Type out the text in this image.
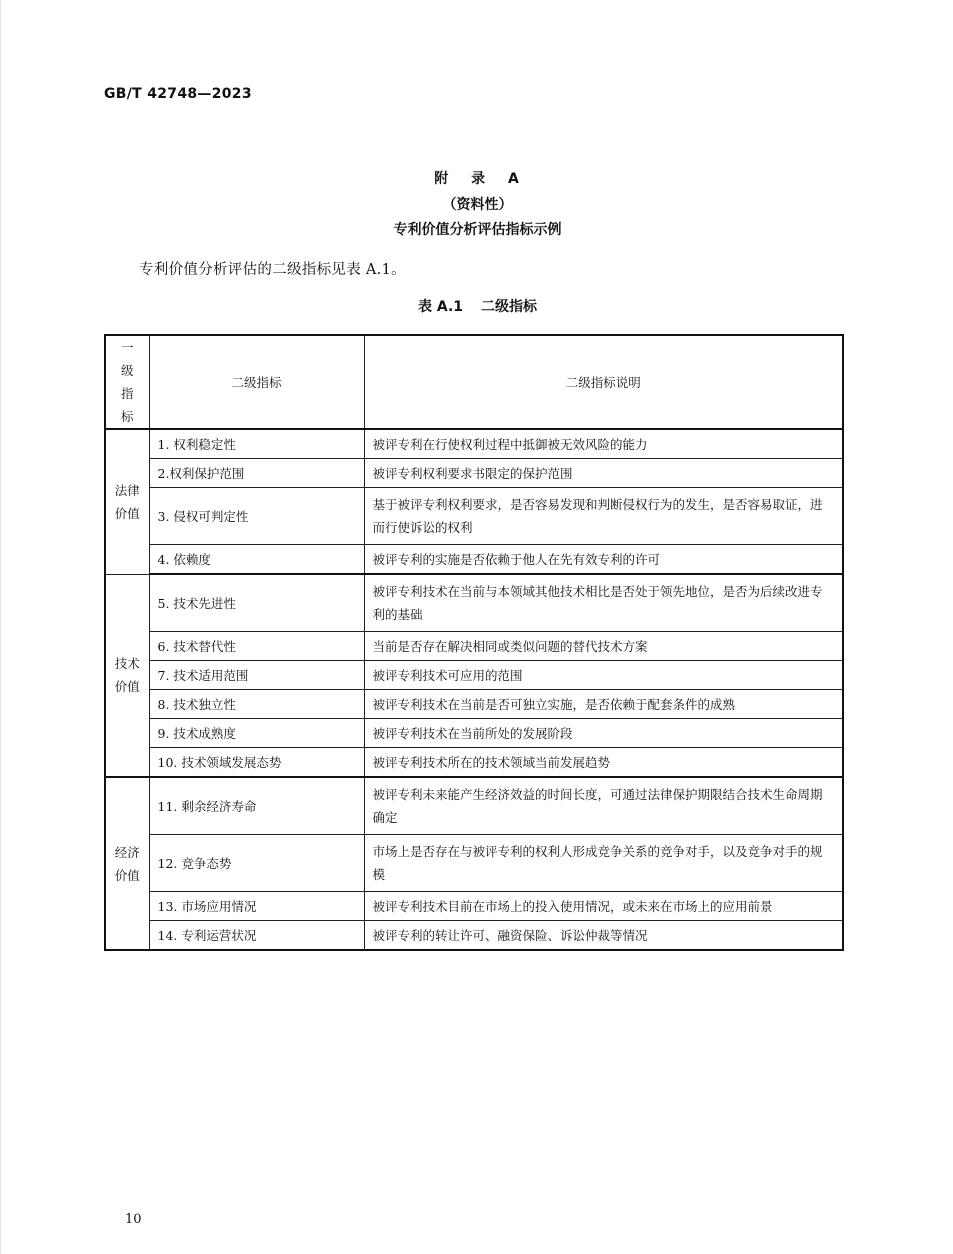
GB/T 42748—2023
附 录 A
（资料性）
专利价值分析评估指标示例
专利价值分析评估的二级指标见表 A.1。
表 A.1 二级指标
一级指标	二级指标	二级指标说明

法律价值	1. 权利稳定性	被评专利在行使权利过程中抵御被无效风险的能力
	2.权利保护范围	被评专利权利要求书限定的保护范围
	3. 侵权可判定性	基于被评专利权利要求，是否容易发现和判断侵权行为的发生，是否容易取证，进而行使诉讼的权利
	4. 依赖度	被评专利的实施是否依赖于他人在先有效专利的许可

技术价值	5. 技术先进性	被评专利技术在当前与本领域其他技术相比是否处于领先地位，是否为后续改进专利的基础
	6. 技术替代性	当前是否存在解决相同或类似问题的替代技术方案
	7. 技术适用范围	被评专利技术可应用的范围
	8. 技术独立性	被评专利技术在当前是否可独立实施，是否依赖于配套条件的成熟
	9. 技术成熟度	被评专利技术在当前所处的发展阶段
	10. 技术领域发展态势	被评专利技术所在的技术领域当前发展趋势

经济价值	11. 剩余经济寿命	被评专利未来能产生经济效益的时间长度，可通过法律保护期限结合技术生命周期确定
	12. 竞争态势	市场上是否存在与被评专利的权利人形成竞争关系的竞争对手，以及竞争对手的规模
	13. 市场应用情况	被评专利技术目前在市场上的投入使用情况，或未来在市场上的应用前景
	14. 专利运营状况	被评专利的转让许可、融资保险、诉讼仲裁等情况
10
